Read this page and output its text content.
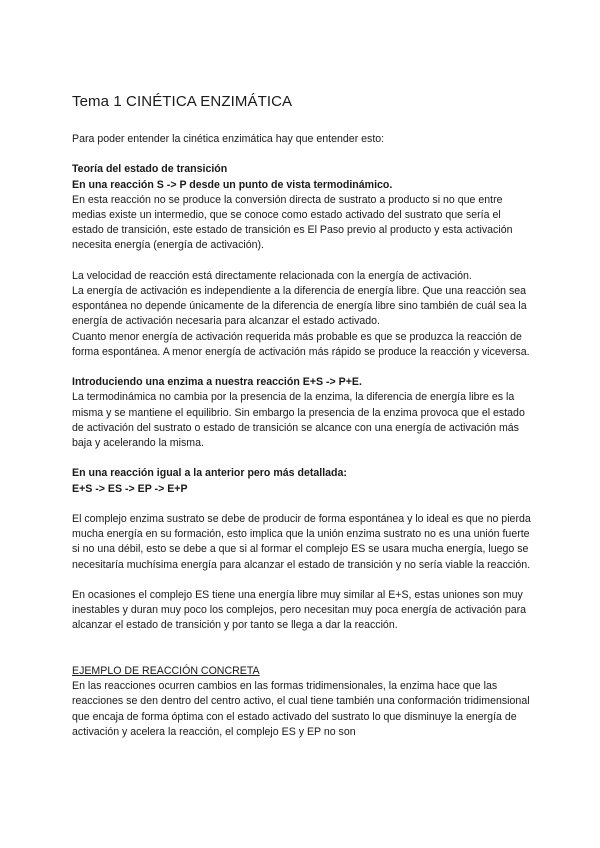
Tema 1 CINÉTICA ENZIMÁTICA

Para poder entender la cinética enzimática hay que entender esto:

Teoría del estado de transición

En una reacción S -> P desde un punto de vista termodinámico.

En esta reacción no se produce la conversión directa de sustrato a producto si no que entre medias existe un intermedio, que se conoce como estado activado del sustrato que sería el estado de transición, este estado de transición es El Paso previo al producto y esta activación necesita energía (energía de activación).

La velocidad de reacción está directamente relacionada con la energía de activación.

La energía de activación es independiente a la diferencia de energía libre. Que una reacción sea espontánea no depende únicamente de la diferencia de energía libre sino también de cuál sea la energía de activación necesaria para alcanzar el estado activado.

Cuanto menor energía de activación requerida más probable es que se produzca la reacción de forma espontánea. A menor energía de activación más rápido se produce la reacción y viceversa.

Introduciendo una enzima a nuestra reacción E+S -> P+E.

La termodinámica no cambia por la presencia de la enzima, la diferencia de energía libre es la misma y se mantiene el equilibrio. Sin embargo la presencia de la enzima provoca que el estado de activación del sustrato o estado de transición se alcance con una energía de activación más baja y acelerando la misma.

En una reacción igual a la anterior pero más detallada:

E+S -> ES -> EP -> E+P

El complejo enzima sustrato se debe de producir de forma espontánea y lo ideal es que no pierda mucha energía en su formación, esto implica que la unión enzima sustrato no es una unión fuerte si no una débil, esto se debe a que si al formar el complejo ES se usara mucha energía, luego se necesitaría muchísima energía para alcanzar el estado de transición y no sería viable la reacción.

En ocasiones el complejo ES tiene una energía libre muy similar al E+S, estas uniones son muy inestables y duran muy poco los complejos, pero necesitan muy poca energía de activación para alcanzar el estado de transición y por tanto se llega a dar la reacción.

EJEMPLO DE REACCIÓN CONCRETA

En las reacciones ocurren cambios en las formas tridimensionales, la enzima hace que las reacciones se den dentro del centro activo, el cual tiene también una conformación tridimensional que encaja de forma óptima con el estado activado del sustrato lo que disminuye la energía de activación y acelera la reacción, el complejo ES y EP no son
